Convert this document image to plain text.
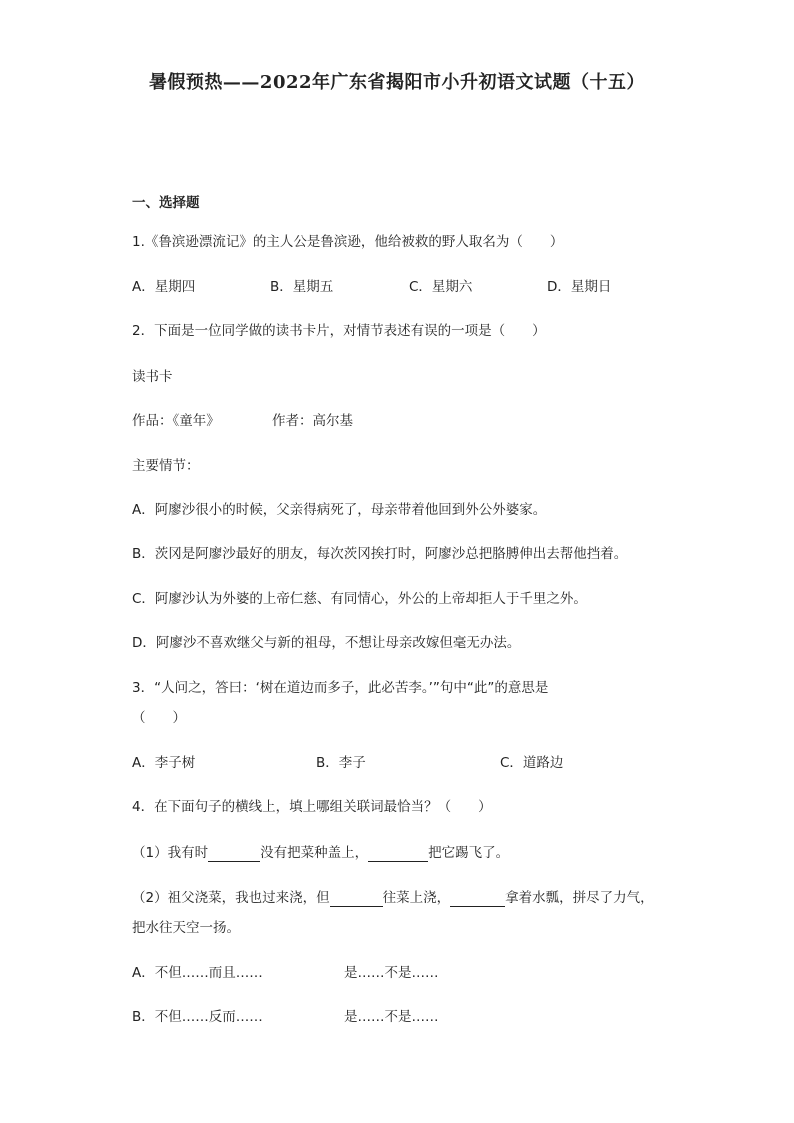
暑假预热——2022年广东省揭阳市小升初语文试题（十五）
一、选择题
1.《鲁滨逊漂流记》的主人公是鲁滨逊，他给被救的野人取名为（　　）
A．星期四	B．星期五	C．星期六	D．星期日
2．下面是一位同学做的读书卡片，对情节表述有误的一项是（　　）
读书卡
作品：《童年》	作者：高尔基
主要情节：
A．阿廖沙很小的时候，父亲得病死了，母亲带着他回到外公外婆家。
B．茨冈是阿廖沙最好的朋友，每次茨冈挨打时，阿廖沙总把胳膊伸出去帮他挡着。
C．阿廖沙认为外婆的上帝仁慈、有同情心，外公的上帝却拒人于千里之外。
D．阿廖沙不喜欢继父与新的祖母，不想让母亲改嫁但毫无办法。
3．“人问之，答曰：‘树在道边而多子，此必苦李。’”句中“此”的意思是
（　　）
A．李子树	B．李子	C．道路边
4．在下面句子的横线上，填上哪组关联词最恰当？（　　）
（1）我有时	没有把菜种盖上，	把它踢飞了。
（2）祖父浇菜，我也过来浇，但	往菜上浇，	拿着水瓢，拼尽了力气，
把水往天空一扬。
A．不但……而且……	是……不是……
B．不但……反而……	是……不是……
